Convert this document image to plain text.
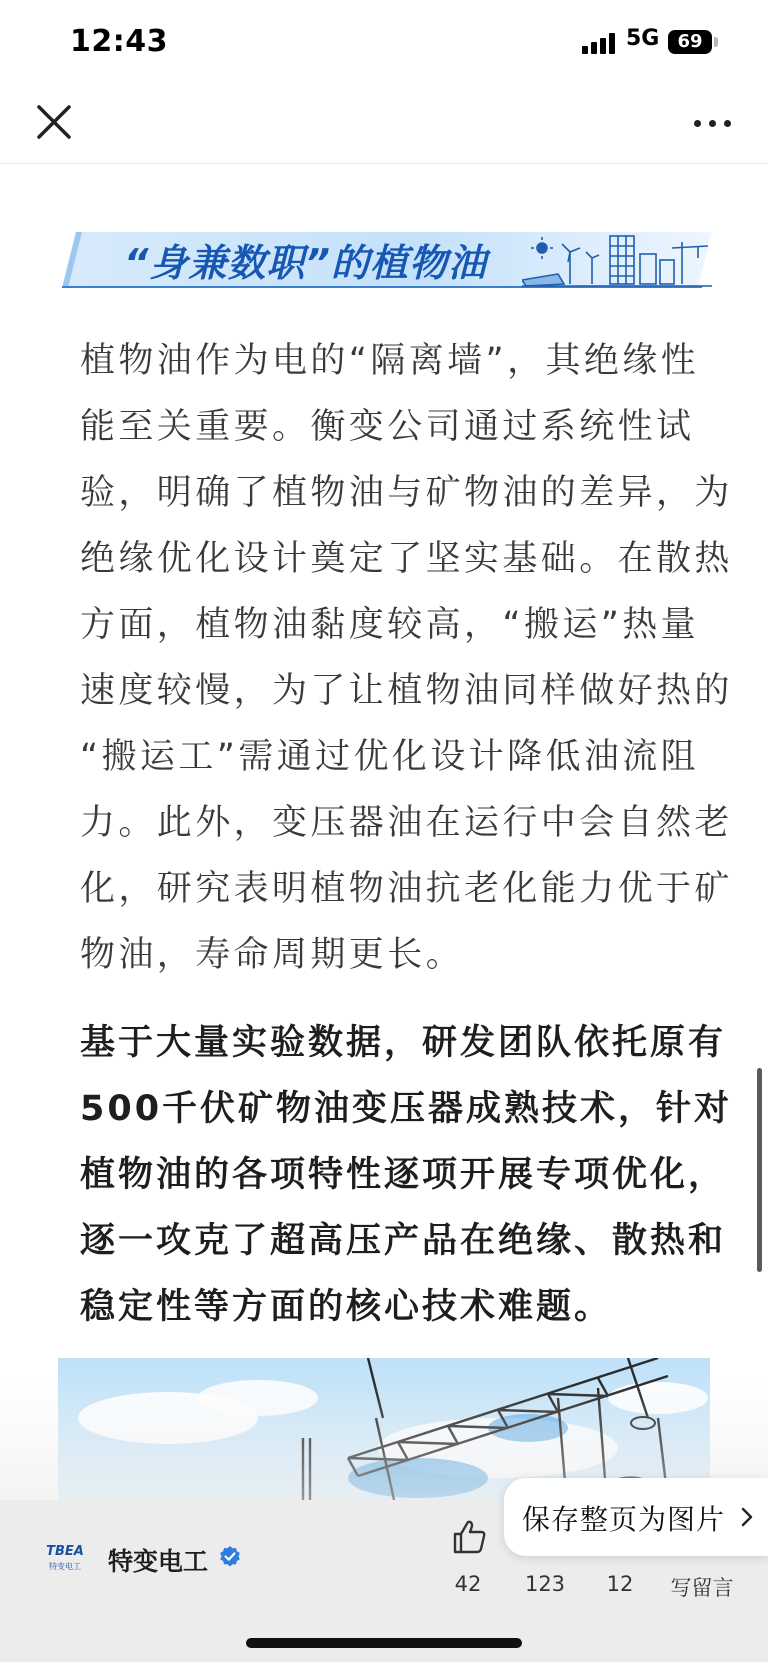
12:43	5G	69
“身兼数职”的植物油
植物油作为电的“隔离墙”，其绝缘性
能至关重要。衡变公司通过系统性试
验，明确了植物油与矿物油的差异，为
绝缘优化设计奠定了坚实基础。在散热
方面，植物油黏度较高，“搬运”热量
速度较慢，为了让植物油同样做好热的
“搬运工”需通过优化设计降低油流阻
力。此外，变压器油在运行中会自然老
化，研究表明植物油抗老化能力优于矿
物油，寿命周期更长。
基于大量实验数据，研发团队依托原有
500千伏矿物油变压器成熟技术，针对
植物油的各项特性逐项开展专项优化，
逐一攻克了超高压产品在绝缘、散热和
稳定性等方面的核心技术难题。
TBEA
特变电工 特变电工
42	123	12	写留言
保存整页为图片
